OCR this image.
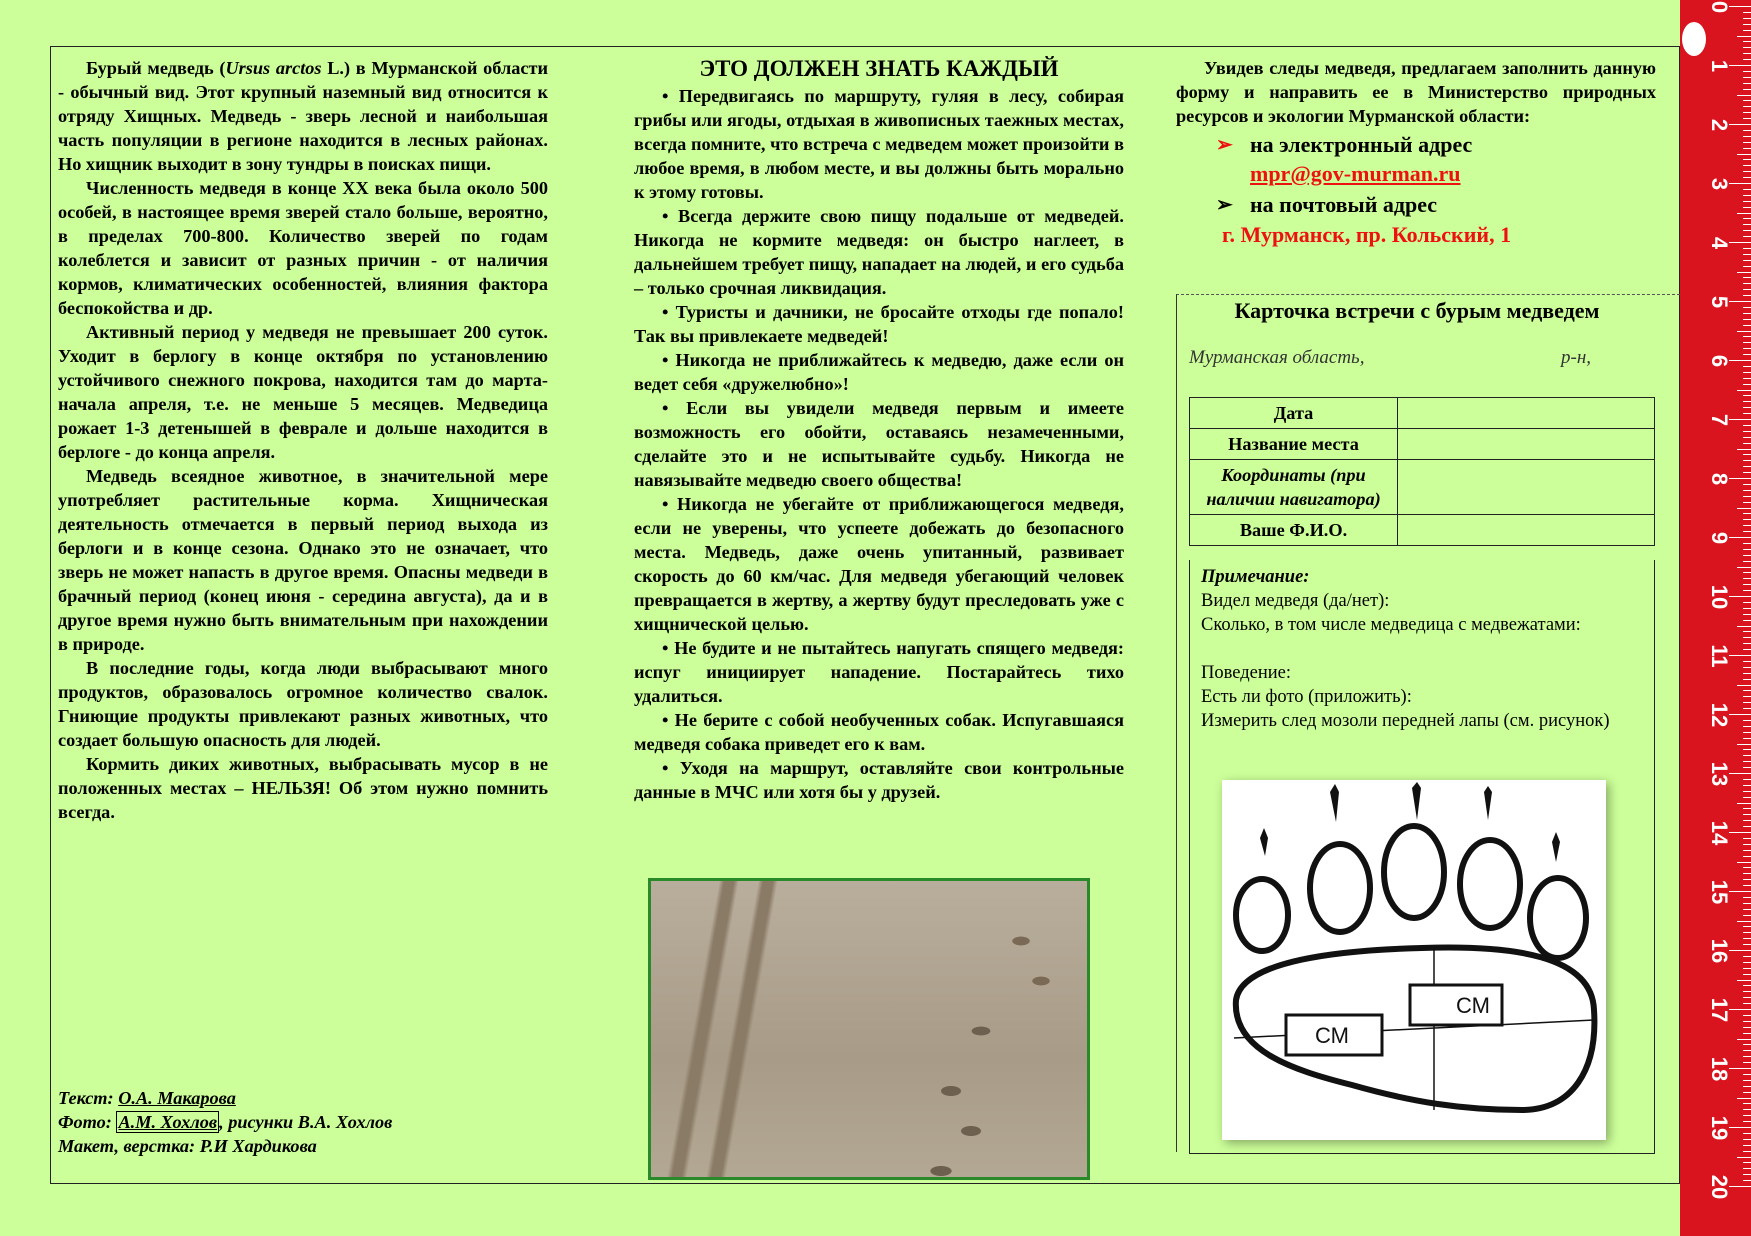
Бурый медведь (Ursus arctos L.) в Мурманской области - обычный вид. Этот крупный наземный вид относится к отряду Хищных. Медведь - зверь лесной и наибольшая часть популяции в регионе находится в лесных районах. Но хищник выходит в зону тундры в поисках пищи.

Численность медведя в конце XX века была около 500 особей, в настоящее время зверей стало больше, вероятно, в пределах 700-800. Количество зверей по годам колеблется и зависит от разных причин - от наличия кормов, климатических особенностей, влияния фактора беспокойства и др.

Активный период у медведя не превышает 200 суток. Уходит в берлогу в конце октября по установлению устойчивого снежного покрова, находится там до марта-начала апреля, т.е. не меньше 5 месяцев. Медведица рожает 1-3 детенышей в феврале и дольше находится в берлоге - до конца апреля.

Медведь всеядное животное, в значительной мере употребляет растительные корма. Хищническая деятельность отмечается в первый период выхода из берлоги и в конце сезона. Однако это не означает, что зверь не может напасть в другое время. Опасны медведи в брачный период (конец июня - середина августа), да и в другое время нужно быть внимательным при нахождении в природе.

В последние годы, когда люди выбрасывают много продуктов, образовалось огромное количество свалок. Гниющие продукты привлекают разных животных, что создает большую опасность для людей.

Кормить диких животных, выбрасывать мусор в не положенных местах – НЕЛЬЗЯ! Об этом нужно помнить всегда.

Текст: О.А. Макарова
Фото: А.М. Хохлов , рисунки В.А. Хохлов
Макет, верстка: Р.И Хардикова
ЭТО ДОЛЖЕН ЗНАТЬ КАЖДЫЙ

• Передвигаясь по маршруту, гуляя в лесу, собирая грибы или ягоды, отдыхая в живописных таежных местах, всегда помните, что встреча с медведем может произойти в любое время, в любом месте, и вы должны быть морально к этому готовы.

• Всегда держите свою пищу подальше от медведей. Никогда не кормите медведя: он быстро наглеет, в дальнейшем требует пищу, нападает на людей, и его судьба – только срочная ликвидация.

• Туристы и дачники, не бросайте отходы где попало! Так вы привлекаете медведей!

• Никогда не приближайтесь к медведю, даже если он ведет себя «дружелюбно»!

• Если вы увидели медведя первым и имеете возможность его обойти, оставаясь незамеченными, сделайте это и не испытывайте судьбу. Никогда не навязывайте медведю своего общества!

• Никогда не убегайте от приближающегося медведя, если не уверены, что успеете добежать до безопасного места. Медведь, даже очень упитанный, развивает скорость до 60 км/час. Для медведя убегающий человек превращается в жертву, а жертву будут преследовать уже с хищнической целью.

• Не будите и не пытайтесь напугать спящего медведя: испуг инициирует нападение. Постарайтесь тихо удалиться.

• Не берите с собой необученных собак. Испугавшаяся медведя собака приведет его к вам.

• Уходя на маршрут, оставляйте свои контрольные данные в МЧС или хотя бы у друзей.

Увидев следы медведя, предлагаем заполнить данную форму и направить ее в Министерство природных ресурсов и экологии Мурманской области:

➢ на электронный адрес
mpr@gov-murman.ru
➢ на почтовый адрес
г. Мурманск, пр. Кольский, 1
Карточка встречи с бурым медведем
Мурманская область,	р-н,
Дата	
Название места	
Координаты (при наличии навигатора)	
Ваше Ф.И.О.	
Примечание:
Видел медведя (да/нет):
Сколько, в том числе медведица с медвежатами:
Поведение:
Есть ли фото (приложить):
Измерить след мозоли передней лапы (см. рисунок)
СМ
СМ
0
1
2
3
4
5
6
7
8
9
10
11
12
13
14
15
16
17
18
19
20
